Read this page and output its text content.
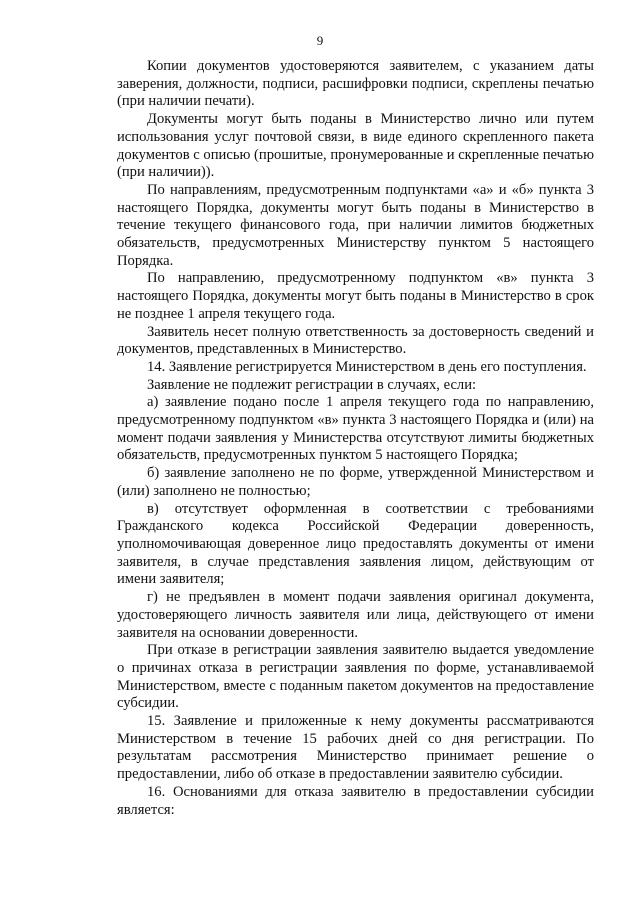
9

Копии документов удостоверяются заявителем, с указанием даты заверения, должности, подписи, расшифровки подписи, скреплены печатью (при наличии печати).

Документы могут быть поданы в Министерство лично или путем использования услуг почтовой связи, в виде единого скрепленного пакета документов с описью (прошитые, пронумерованные и скрепленные печатью (при наличии)).

По направлениям, предусмотренным подпунктами «а» и «б» пункта 3 настоящего Порядка, документы могут быть поданы в Министерство в течение текущего финансового года, при наличии лимитов бюджетных обязательств, предусмотренных Министерству пунктом 5 настоящего Порядка.

По направлению, предусмотренному подпунктом «в» пункта 3 настоящего Порядка, документы могут быть поданы в Министерство в срок не позднее 1 апреля текущего года.

Заявитель несет полную ответственность за достоверность сведений и документов, представленных в Министерство.

14. Заявление регистрируется Министерством в день его поступления.

Заявление не подлежит регистрации в случаях, если:

а) заявление подано после 1 апреля текущего года по направлению, предусмотренному подпунктом «в» пункта 3 настоящего Порядка и (или) на момент подачи заявления у Министерства отсутствуют лимиты бюджетных обязательств, предусмотренных пунктом 5 настоящего Порядка;

б) заявление заполнено не по форме, утвержденной Министерством и (или) заполнено не полностью;

в) отсутствует оформленная в соответствии с требованиями Гражданского кодекса Российской Федерации доверенность, уполномочивающая доверенное лицо предоставлять документы от имени заявителя, в случае представления заявления лицом, действующим от имени заявителя;

г) не предъявлен в момент подачи заявления оригинал документа, удостоверяющего личность заявителя или лица, действующего от имени заявителя на основании доверенности.

При отказе в регистрации заявления заявителю выдается уведомление о причинах отказа в регистрации заявления по форме, устанавливаемой Министерством, вместе с поданным пакетом документов на предоставление субсидии.

15. Заявление и приложенные к нему документы рассматриваются Министерством в течение 15 рабочих дней со дня регистрации. По результатам рассмотрения Министерство принимает решение о предоставлении, либо об отказе в предоставлении заявителю субсидии.

16. Основаниями для отказа заявителю в предоставлении субсидии является:
